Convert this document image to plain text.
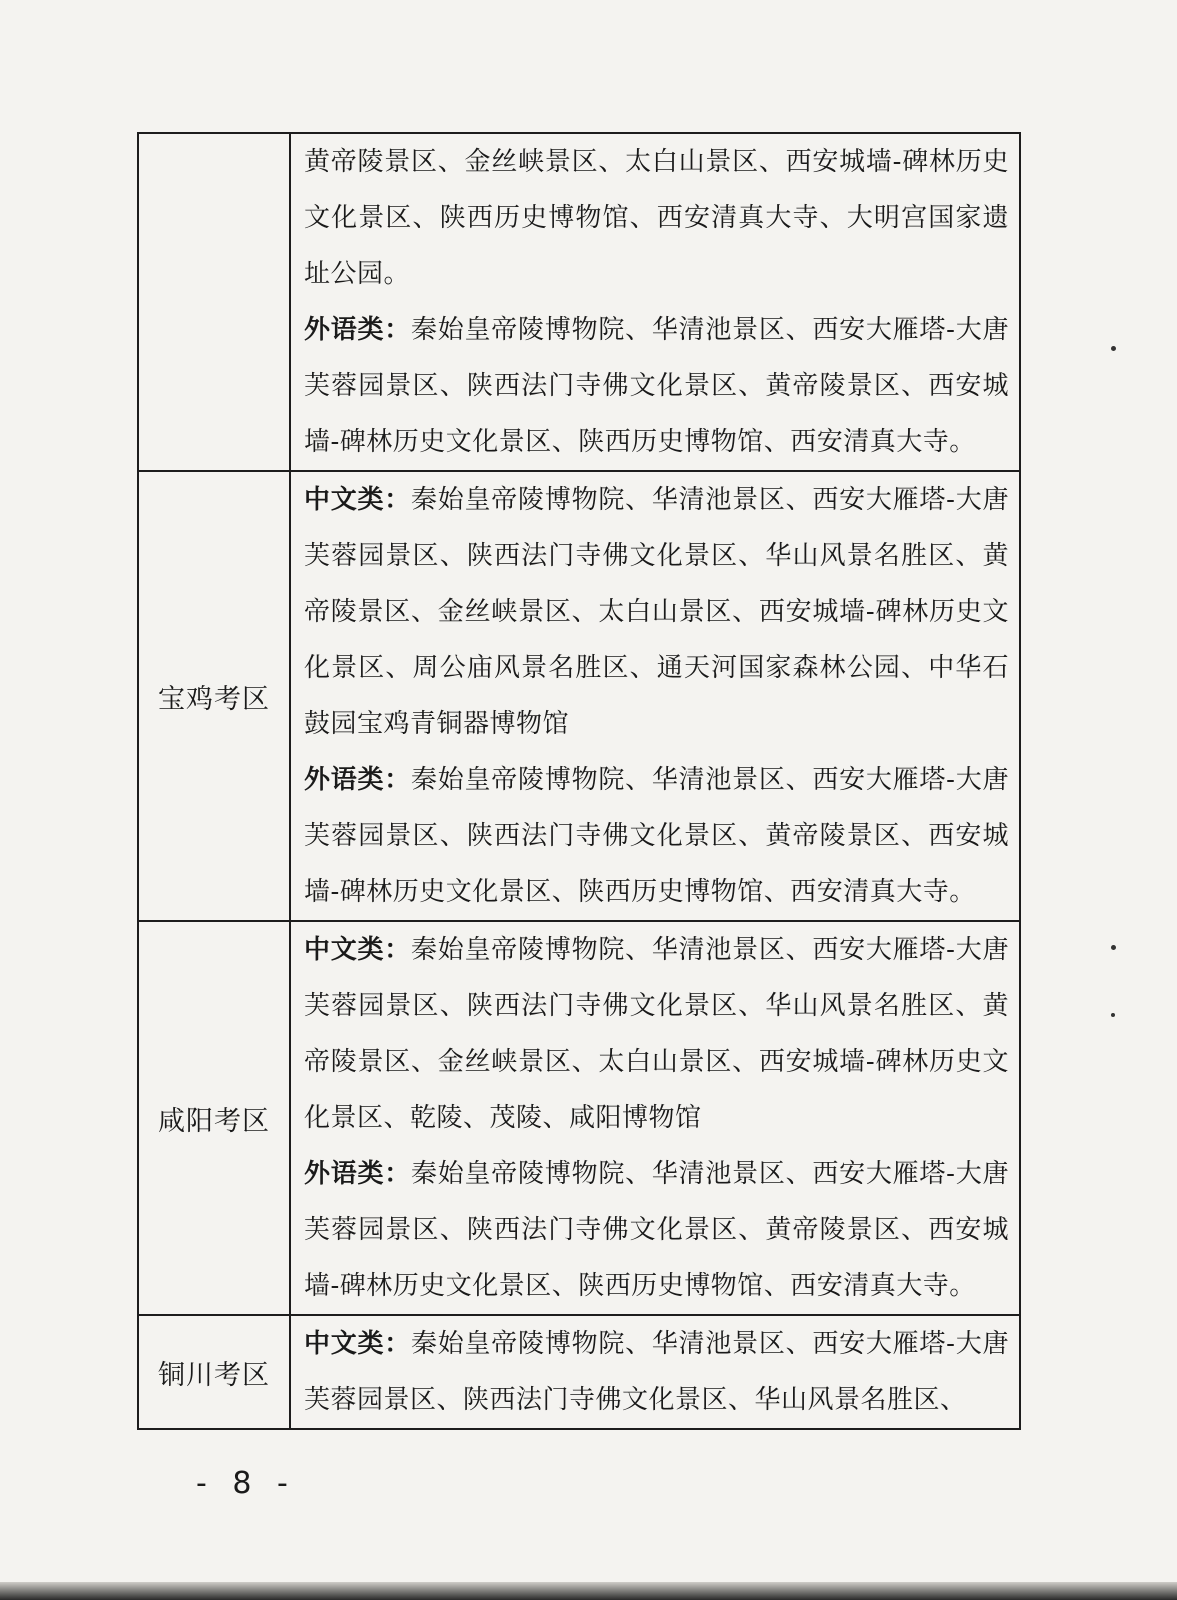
	黄帝陵景区、金丝峡景区、太白山景区、西安城墙-碑林历史文化景区、陕西历史博物馆、西安清真大寺、大明宫国家遗址公园。
外语类：秦始皇帝陵博物院、华清池景区、西安大雁塔-大唐芙蓉园景区、陕西法门寺佛文化景区、黄帝陵景区、西安城墙-碑林历史文化景区、陕西历史博物馆、西安清真大寺。

宝鸡考区	中文类：秦始皇帝陵博物院、华清池景区、西安大雁塔-大唐芙蓉园景区、陕西法门寺佛文化景区、华山风景名胜区、黄帝陵景区、金丝峡景区、太白山景区、西安城墙-碑林历史文化景区、周公庙风景名胜区、通天河国家森林公园、中华石鼓园宝鸡青铜器博物馆
外语类：秦始皇帝陵博物院、华清池景区、西安大雁塔-大唐芙蓉园景区、陕西法门寺佛文化景区、黄帝陵景区、西安城墙-碑林历史文化景区、陕西历史博物馆、西安清真大寺。

咸阳考区	中文类：秦始皇帝陵博物院、华清池景区、西安大雁塔-大唐芙蓉园景区、陕西法门寺佛文化景区、华山风景名胜区、黄帝陵景区、金丝峡景区、太白山景区、西安城墙-碑林历史文化景区、乾陵、茂陵、咸阳博物馆
外语类：秦始皇帝陵博物院、华清池景区、西安大雁塔-大唐芙蓉园景区、陕西法门寺佛文化景区、黄帝陵景区、西安城墙-碑林历史文化景区、陕西历史博物馆、西安清真大寺。

铜川考区	中文类：秦始皇帝陵博物院、华清池景区、西安大雁塔-大唐芙蓉园景区、陕西法门寺佛文化景区、华山风景名胜区、
- 8 -
